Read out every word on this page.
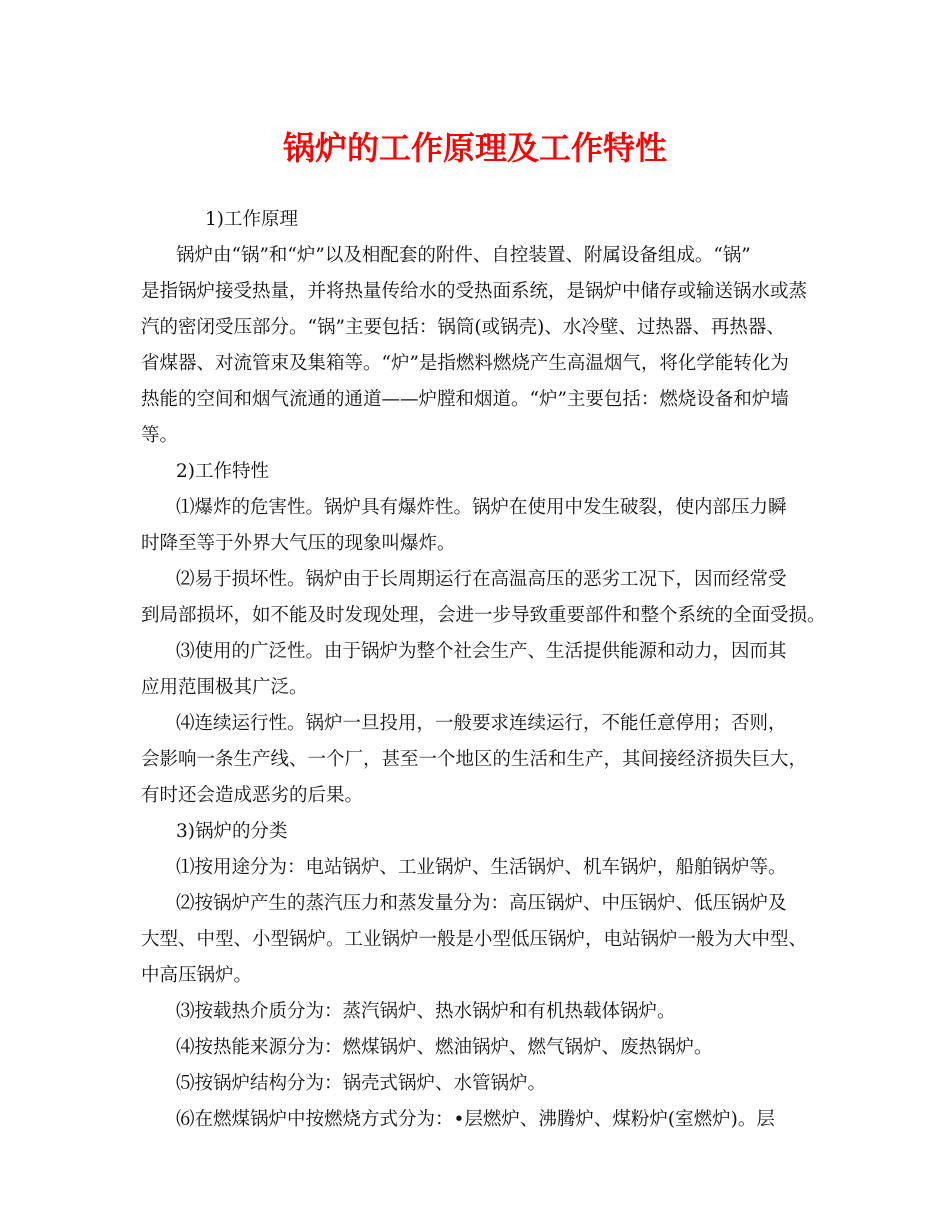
锅炉的工作原理及工作特性
1)工作原理
锅炉由“锅”和“炉”以及相配套的附件、自控装置、附属设备组成。“锅”
是指锅炉接受热量，并将热量传给水的受热面系统，是锅炉中储存或输送锅水或蒸
汽的密闭受压部分。“锅”主要包括：锅筒(或锅壳)、水冷壁、过热器、再热器、
省煤器、对流管束及集箱等。“炉”是指燃料燃烧产生高温烟气，将化学能转化为
热能的空间和烟气流通的通道——炉膛和烟道。“炉”主要包括：燃烧设备和炉墙
等。
2)工作特性
⑴爆炸的危害性。锅炉具有爆炸性。锅炉在使用中发生破裂，使内部压力瞬
时降至等于外界大气压的现象叫爆炸。
⑵易于损坏性。锅炉由于长周期运行在高温高压的恶劣工况下，因而经常受
到局部损坏，如不能及时发现处理，会进一步导致重要部件和整个系统的全面受损。
⑶使用的广泛性。由于锅炉为整个社会生产、生活提供能源和动力，因而其
应用范围极其广泛。
⑷连续运行性。锅炉一旦投用，一般要求连续运行，不能任意停用；否则，
会影响一条生产线、一个厂，甚至一个地区的生活和生产，其间接经济损失巨大，
有时还会造成恶劣的后果。
3)锅炉的分类
⑴按用途分为：电站锅炉、工业锅炉、生活锅炉、机车锅炉，船舶锅炉等。
⑵按锅炉产生的蒸汽压力和蒸发量分为：高压锅炉、中压锅炉、低压锅炉及
大型、中型、小型锅炉。工业锅炉一般是小型低压锅炉，电站锅炉一般为大中型、
中高压锅炉。
⑶按载热介质分为：蒸汽锅炉、热水锅炉和有机热载体锅炉。
⑷按热能来源分为：燃煤锅炉、燃油锅炉、燃气锅炉、废热锅炉。
⑸按锅炉结构分为：锅壳式锅炉、水管锅炉。
⑹在燃煤锅炉中按燃烧方式分为：•层燃炉、沸腾炉、煤粉炉(室燃炉)。层
